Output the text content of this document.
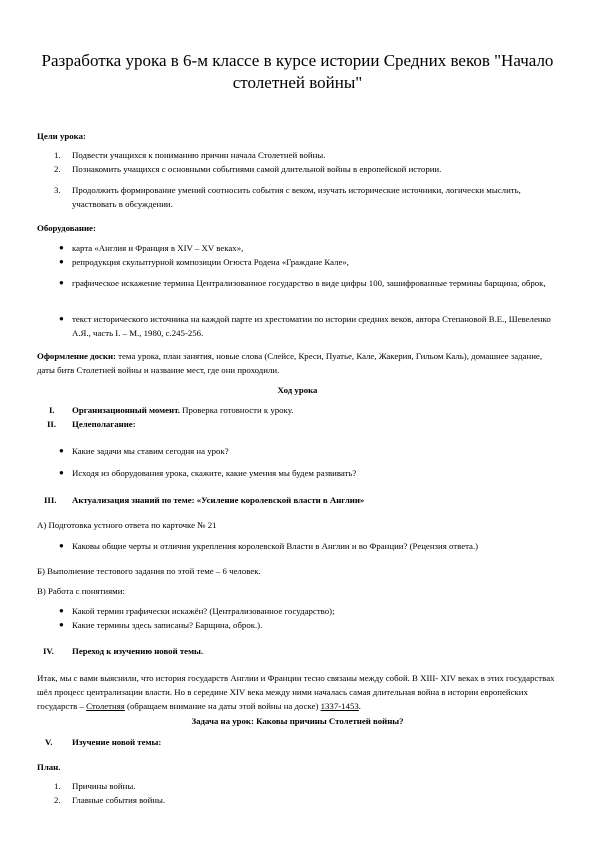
Разработка урока в 6-м классе в курсе истории Средних веков "Начало столетней войны"
Цели урока:
1. Подвести учащихся к пониманию причин начала Столетней войны.
2. Познакомить учащихся с основными событиями самой длительной войны в европейской истории.
3. Продолжить формирование умений соотносить события с веком, изучать исторические источники, логически мыслить, участвовать в обсуждении.
Оборудование:
● карта «Англия и Франция в XIV – XV веках»,
● репродукция скульптурной композиции Огюста Родена «Граждане Кале»,
● графическое искажение термина Централизованное государство в виде цифры 100, зашифрованные термины барщина, оброк,
● текст исторического источника на каждой парте из хрестоматии по истории средних веков, автора Степановой В.Е., Шевеленко А.Я., часть I. – М., 1980, с.245-256.
Оформление доски: тема урока, план занятия, новые слова (Слейсе, Креси, Пуатье, Кале, Жакерия, Гильом Каль), домашнее задание, даты битв Столетней войны и название мест, где они проходили.
Ход урока
I. Организационный момент. Проверка готовности к уроку.
II. Целеполагание:
● Какие задачи мы ставим сегодня на урок?
● Исходя из оборудования урока, скажите, какие умения мы будем развивать?
III. Актуализация знаний по теме: «Усиление королевской власти в Англии»
А) Подготовка устного ответа по карточке № 21
● Каковы общие черты и отличия укрепления королевской Власти в Англии и во Франции? (Рецензия ответа.)
Б) Выполнение тестового задания по этой теме – 6 человек.
В) Работа с понятиями:
● Какой термин графически искажён? (Централизованное государство);
● Какие термины здесь записаны? Барщина, оброк.).
IV. Переход к изучению новой темы.
Итак, мы с вами выяснили, что история государств Англии и Франции тесно связаны между собой. В XIII- XIV веках в этих государствах шёл процесс централизации власти. Но в середине XIV века между ними началась самая длительная война в истории европейских государств – Столетняя (обращаем внимание на даты этой войны на доске) 1337-1453.
Задача на урок: Каковы причины Столетней войны?
V. Изучение новой темы:
План.
1. Причины войны.
2. Главные события войны.
